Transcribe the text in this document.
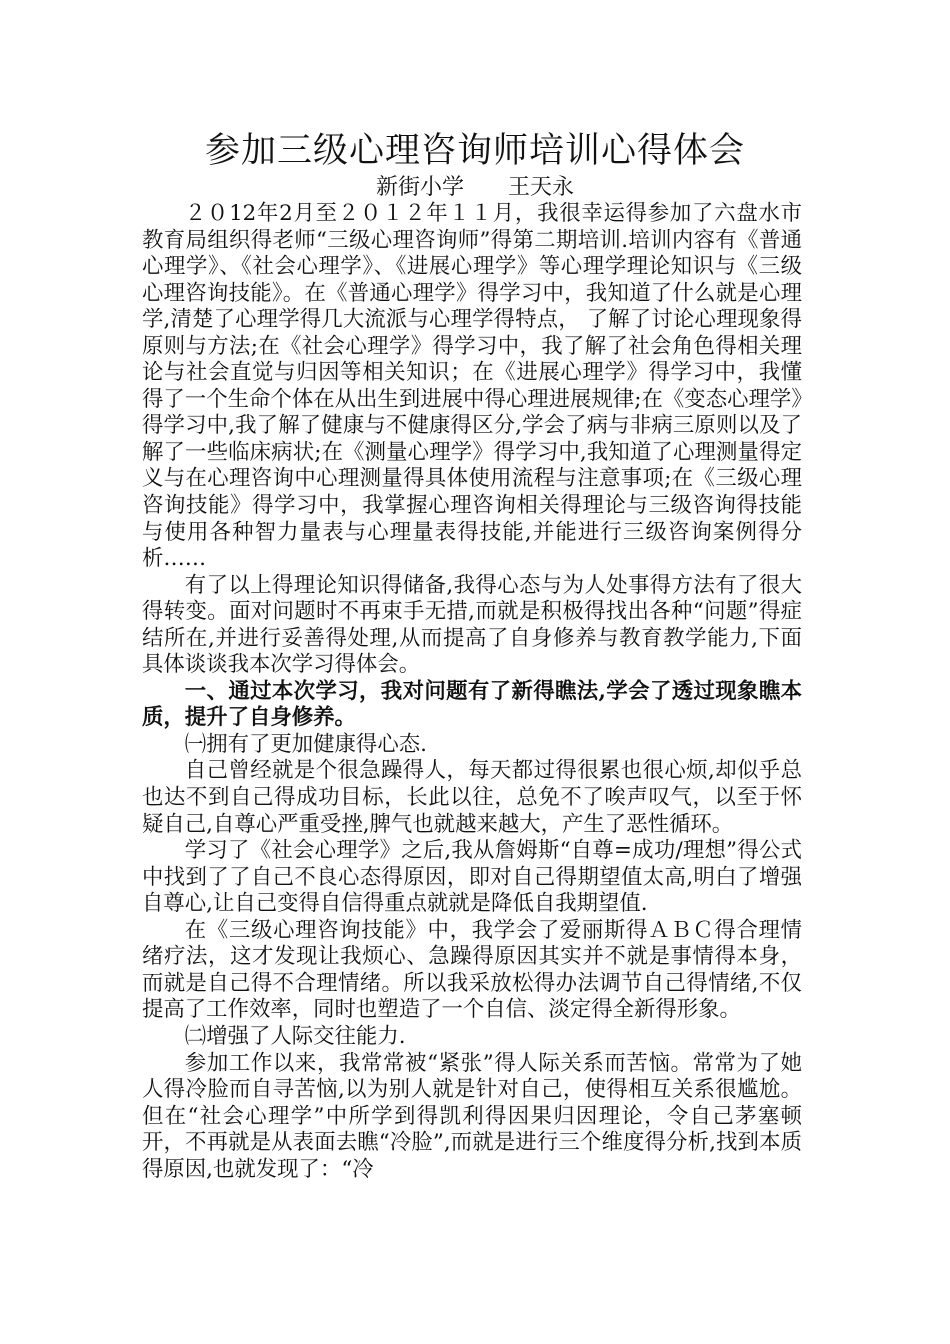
参加三级心理咨询师培训心得体会
新街小学 王天永

２０12年2月至２０１２年１１月，我很幸运得参加了六盘水市教育局组织得老师“三级心理咨询师”得第二期培训.培训内容有《普通心理学》、《社会心理学》、《进展心理学》等心理学理论知识与《三级心理咨询技能》。在《普通心理学》得学习中，我知道了什么就是心理学,清楚了心理学得几大流派与心理学得特点， 了解了讨论心理现象得原则与方法;在《社会心理学》得学习中，我了解了社会角色得相关理论与社会直觉与归因等相关知识；在《进展心理学》得学习中，我懂得了一个生命个体在从出生到进展中得心理进展规律;在《变态心理学》得学习中,我了解了健康与不健康得区分,学会了病与非病三原则以及了解了一些临床病状;在《测量心理学》得学习中,我知道了心理测量得定义与在心理咨询中心理测量得具体使用流程与注意事项;在《三级心理咨询技能》得学习中，我掌握心理咨询相关得理论与三级咨询得技能与使用各种智力量表与心理量表得技能,并能进行三级咨询案例得分析……

有了以上得理论知识得储备,我得心态与为人处事得方法有了很大得转变。面对问题时不再束手无措,而就是积极得找出各种“问题”得症结所在,并进行妥善得处理,从而提高了自身修养与教育教学能力,下面具体谈谈我本次学习得体会。

一、通过本次学习，我对问题有了新得瞧法,学会了透过现象瞧本质，提升了自身修养。

㈠拥有了更加健康得心态.

自己曾经就是个很急躁得人，每天都过得很累也很心烦,却似乎总也达不到自己得成功目标，长此以往，总免不了唉声叹气，以至于怀疑自己,自尊心严重受挫,脾气也就越来越大，产生了恶性循环。

学习了《社会心理学》之后,我从詹姆斯“自尊=成功/理想”得公式中找到了了自己不良心态得原因，即对自己得期望值太高,明白了增强自尊心,让自己变得自信得重点就就是降低自我期望值.

在《三级心理咨询技能》中，我学会了爱丽斯得ＡＢＣ得合理情绪疗法，这才发现让我烦心、急躁得原因其实并不就是事情得本身，而就是自己得不合理情绪。所以我采放松得办法调节自己得情绪,不仅提高了工作效率，同时也塑造了一个自信、淡定得全新得形象。

㈡增强了人际交往能力.

参加工作以来，我常常被“紧张”得人际关系而苦恼。常常为了她人得冷脸而自寻苦恼,以为别人就是针对自己，使得相互关系很尴尬。但在“社会心理学”中所学到得凯利得因果归因理论，令自己茅塞顿开，不再就是从表面去瞧“冷脸”,而就是进行三个维度得分析,找到本质得原因,也就发现了：“冷
